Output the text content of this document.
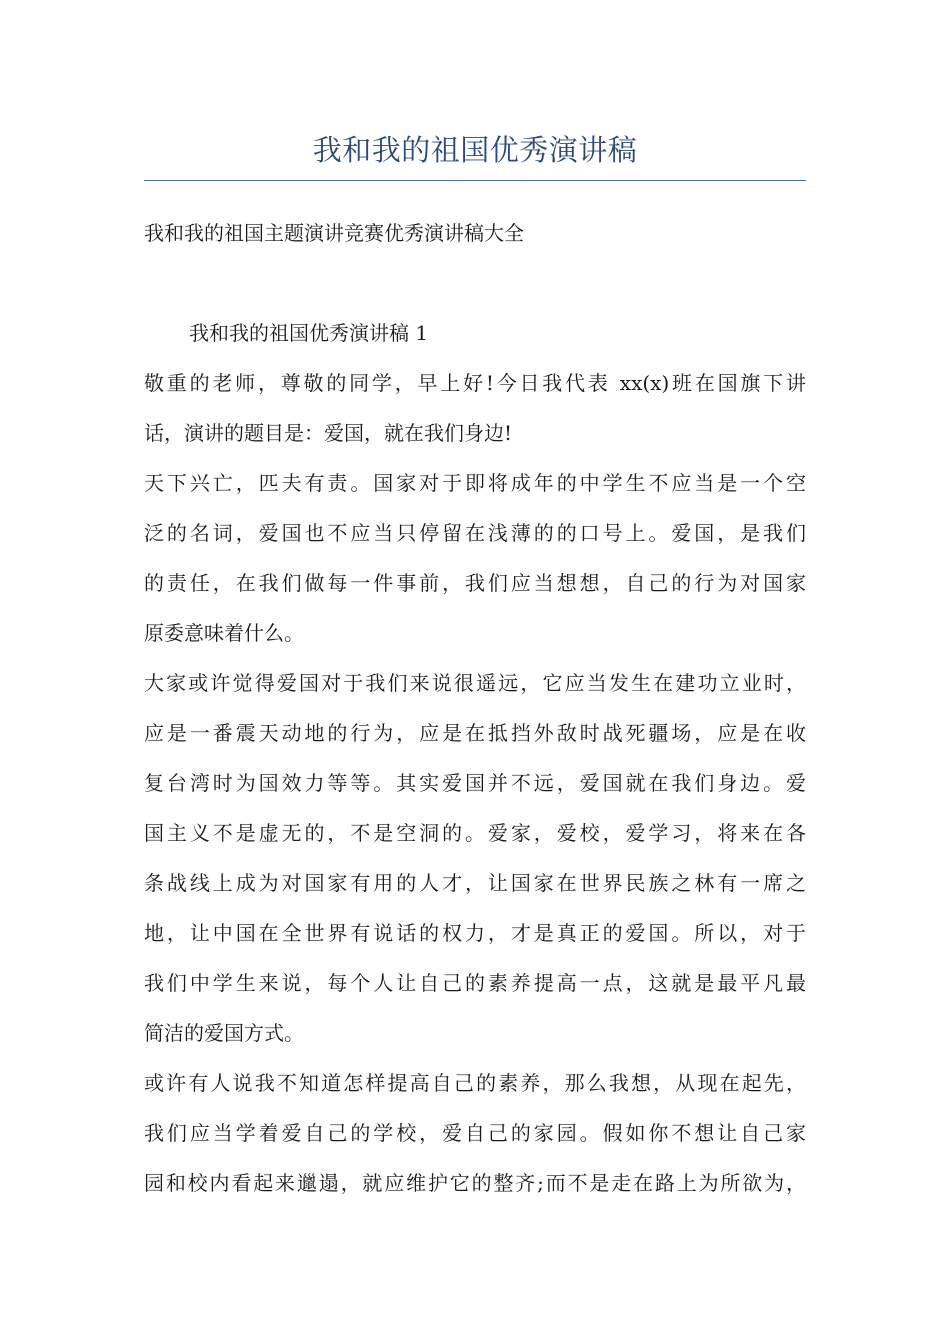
我和我的祖国优秀演讲稿

我和我的祖国主题演讲竞赛优秀演讲稿大全

我和我的祖国优秀演讲稿 1

敬重的老师，尊敬的同学，早上好!今日我代表 xx(x)班在国旗下讲
话，演讲的题目是：爱国，就在我们身边!
天下兴亡，匹夫有责。国家对于即将成年的中学生不应当是一个空
泛的名词，爱国也不应当只停留在浅薄的的口号上。爱国，是我们
的责任，在我们做每一件事前，我们应当想想，自己的行为对国家
原委意味着什么。
大家或许觉得爱国对于我们来说很遥远，它应当发生在建功立业时，
应是一番震天动地的行为，应是在抵挡外敌时战死疆场，应是在收
复台湾时为国效力等等。其实爱国并不远，爱国就在我们身边。爱
国主义不是虚无的，不是空洞的。爱家，爱校，爱学习，将来在各
条战线上成为对国家有用的人才，让国家在世界民族之林有一席之
地，让中国在全世界有说话的权力，才是真正的爱国。所以，对于
我们中学生来说，每个人让自己的素养提高一点，这就是最平凡最
简洁的爱国方式。
或许有人说我不知道怎样提高自己的素养，那么我想，从现在起先，
我们应当学着爱自己的学校，爱自己的家园。假如你不想让自己家
园和校内看起来邋遢，就应维护它的整齐;而不是走在路上为所欲为，
